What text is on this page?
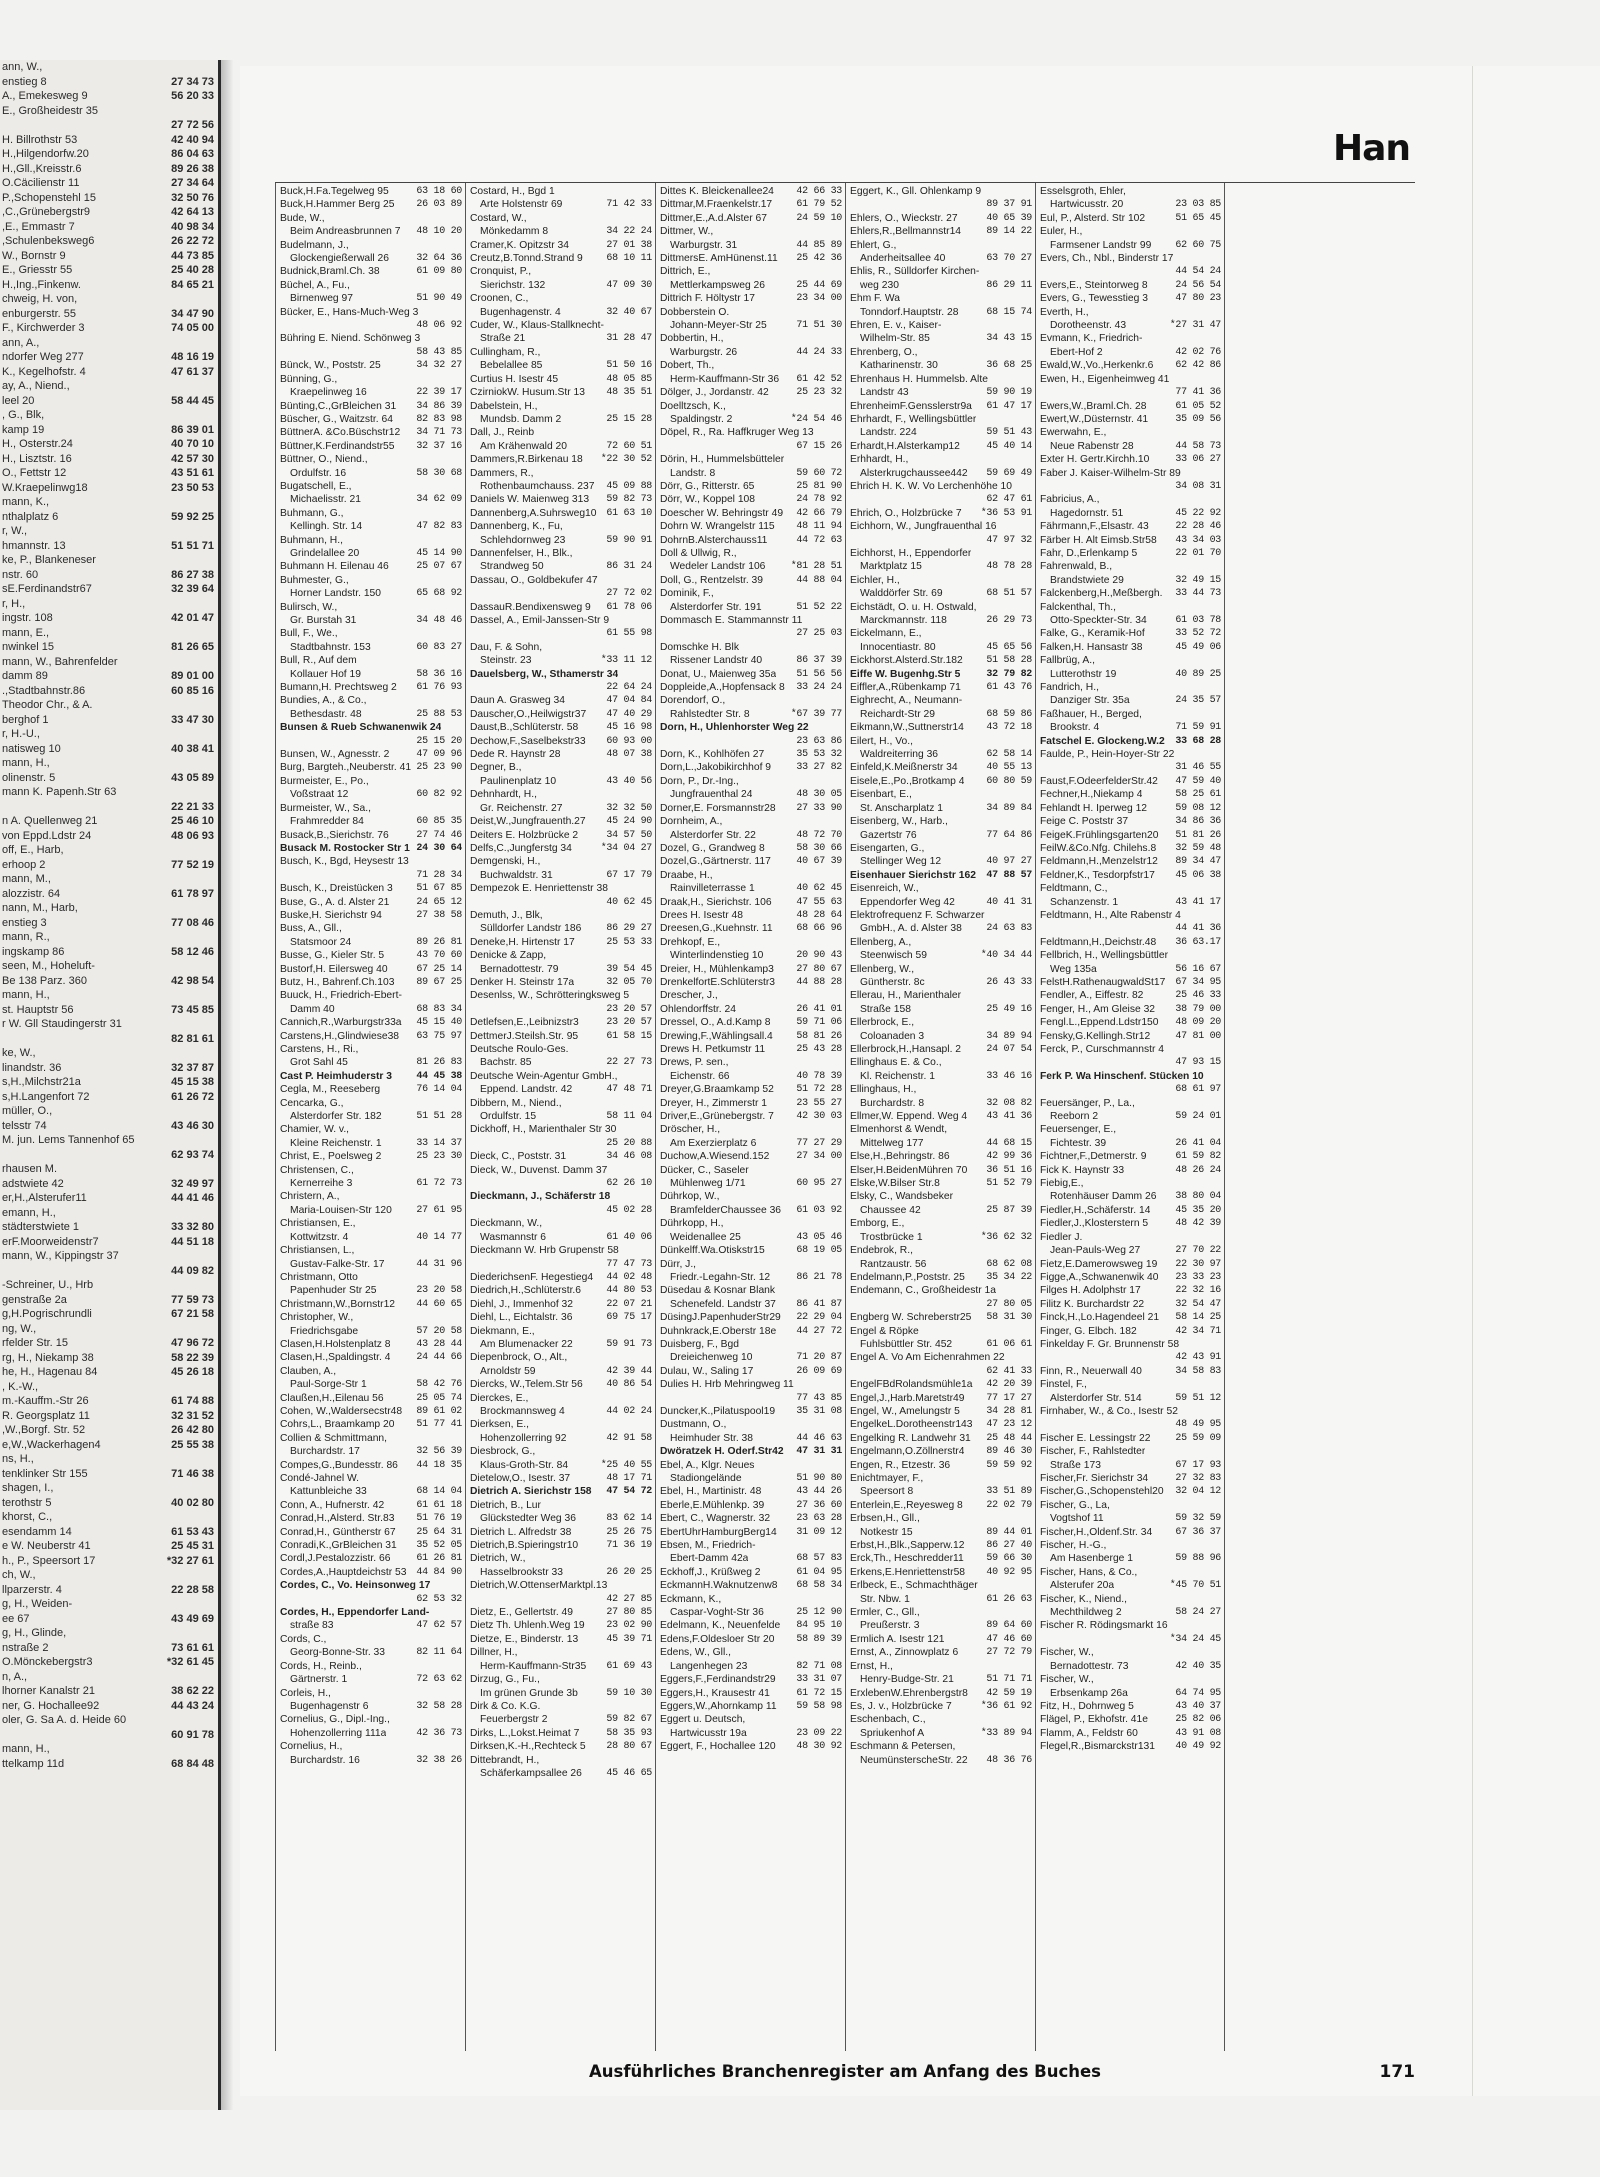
ann, W.,
enstieg 8	27 34 73
A., Emekesweg 9	56 20 33
E., Großheidestr 35
27 72 56
H. Billrothstr 53	42 40 94
H.,Hilgendorfw.20	86 04 63
H.,Gll.,Kreisstr.6	89 26 38
O.Cäcilienstr 11	27 34 64
P.,Schopenstehl 15	32 50 76
,C.,Grünebergstr9	42 64 13
,E., Emmastr 7	40 98 34
,Schulenbeksweg6	26 22 72
W., Bornstr 9	44 73 85
E., Griesstr 55	25 40 28
H.,Ing.,Finkenw.	84 65 21
chweig, H. von,
enburgerstr. 55	34 47 90
F., Kirchwerder 3	74 05 00
ann, A.,
ndorfer Weg 277	48 16 19
K., Kegelhofstr. 4	47 61 37
ay, A., Niend.,
leel 20	58 44 45
, G., Blk,
kamp 19	86 39 01
H., Osterstr.24	40 70 10
H., Lisztstr. 16	42 57 30
O., Fettstr 12	43 51 61
W.Kraepelinwg18	23 50 53
mann, K.,
nthalplatz 6	59 92 25
r, W.,
hmannstr. 13	51 51 71
ke, P., Blankeneser
nstr. 60	86 27 38
sE.Ferdinandstr67	32 39 64
r, H.,
ingstr. 108	42 01 47
mann, E.,
nwinkel 15	81 26 65
mann, W., Bahrenfelder
damm 89	89 01 00
.,Stadtbahnstr.86	60 85 16
Theodor Chr., & A.
berghof 1	33 47 30
r, H.-U.,
natisweg 10	40 38 41
mann, H.,
olinenstr. 5	43 05 89
mann K. Papenh.Str 63
22 21 33
n A. Quellenweg 21	25 46 10
von Eppd.Ldstr 24	48 06 93
off, E., Harb,
erhoop 2	77 52 19
mann, M.,
alozzistr. 64	61 78 97
nann, M., Harb,
enstieg 3	77 08 46
mann, R.,
ingskamp 86	58 12 46
seen, M., Hoheluft-
Be 138 Parz. 360	42 98 54
mann, H.,
st. Hauptstr 56	73 45 85
r W. Gll Staudingerstr 31
82 81 61
ke, W.,
linandstr. 36	32 37 87
s,H.,Milchstr21a	45 15 38
s,H.Langenfort 72	61 26 72
müller, O.,
telsstr 74	43 46 30
M. jun. Lems Tannenhof 65
62 93 74
rhausen M.
adstwiete 42	32 49 97
er,H.,Alsterufer11	44 41 46
emann, H.,
städterstwiete 1	33 32 80
erF.Moorweidenstr7	44 51 18
mann, W., Kippingstr 37
44 09 82
-Schreiner, U., Hrb
genstraße 2a	77 59 73
g,H.Pogrischrundli	67 21 58
ng, W.,
rfelder Str. 15	47 96 72
rg, H., Niekamp 38	58 22 39
he, H., Hagenau 84	45 26 18
, K.-W.,
m.-Kauffm.-Str 26	61 74 88
R. Georgsplatz 11	32 31 52
,W.,Borgf. Str. 52	26 42 80
e,W.,Wackerhagen4	25 55 38
ns, H.,
tenklinker Str 155	71 46 38
shagen, I.,
terothstr 5	40 02 80
khorst, C.,
esendamm 14	61 53 43
e W. Neuberstr 41	25 45 31
h., P., Speersort 17	*32 27 61
ch, W.,
llparzerstr. 4	22 28 58
g, H., Weiden-
ee 67	43 49 69
g, H., Glinde,
nstraße 2	73 61 61
O.Mönckebergstr3	*32 61 45
n, A.,
lhorner Kanalstr 21	38 62 22
ner, G. Hochallee92	44 43 24
oler, G. Sa A. d. Heide 60
60 91 78
mann, H.,
ttelkamp 11d	68 84 48
Han
Buck,H.Fa.Tegelweg 95	63 18 60
Buck,H.Hammer Berg 25	26 03 89
Bude, W.,
Beim Andreasbrunnen 7	48 10 20
Budelmann, J.,
Glockengießerwall 26	32 64 36
Budnick,Braml.Ch. 38	61 09 80
Büchel, A., Fu.,
Birnenweg 97	51 90 49
Bücker, E., Hans-Much-Weg 3
48 06 92
Bühring E. Niend. Schönweg 3
58 43 85
Bünck, W., Poststr. 25	34 32 27
Bünning, G.,
Kraepelinweg 16	22 39 17
Bünting,C.,GrBleichen 31	34 86 39
Büscher, G., Waitzstr. 64	82 83 98
BüttnerA. &Co.Büschstr12	34 71 73
Büttner,K.Ferdinandstr55	32 37 16
Büttner, O., Niend.,
Ordulfstr. 16	58 30 68
Bugatschell, E.,
Michaelisstr. 21	34 62 09
Buhmann, G.,
Kellingh. Str. 14	47 82 83
Buhmann, H.,
Grindelallee 20	45 14 90
Buhmann H. Eilenau 46	25 07 67
Buhmester, G.,
Horner Landstr. 150	65 68 92
Bulirsch, W.,
Gr. Burstah 31	34 48 46
Bull, F., We.,
Stadtbahnstr. 153	60 83 27
Bull, R., Auf dem
Kollauer Hof 19	58 36 16
Bumann,H. Prechtsweg 2	61 76 93
Bundies, A., & Co.,
Bethesdastr. 48	25 88 53
Bunsen & Rueb Schwanenwik 24
25 15 20
Bunsen, W., Agnesstr. 2	47 09 96
Burg, Bargteh.,Neuberstr. 41 25 23 90
Burmeister, E., Po.,
Voßstraat 12	60 82 92
Burmeister, W., Sa.,
Frahmredder 84	60 85 35
Busack,B.,Sierichstr. 76	27 74 46
Busack M. Rostocker Str 1 24 30 64
Busch, K., Bgd, Heysestr 13
71 28 34
Busch, K., Dreistücken 3	51 67 85
Buse, G., A. d. Alster 21	24 65 12
Buske,H. Sierichstr 94	27 38 58
Buss, A., Gll.,
Statsmoor 24	89 26 81
Busse, G., Kieler Str. 5	43 70 60
Bustorf,H. Eilersweg 40	67 25 14
Butz, H., Bahrenf.Ch.103	89 67 25
Buuck, H., Friedrich-Ebert-
Damm 40	68 83 34
Cannich,R.,Warburgstr33a	45 15 40
Carstens,H.,Glindwiese38	63 75 97
Carstens, H., Ri.,
Grot Sahl 45	81 26 83
Cast P. Heimhuderstr 3	44 45 38
Cegla, M., Reeseberg	76 14 04
Cencarka, G.,
Alsterdorfer Str. 182	51 51 28
Chamier, W. v.,
Kleine Reichenstr. 1	33 14 37
Christ, E., Poelsweg 2	25 23 30
Christensen, C.,
Kernerreihe 3	61 72 73
Christern, A.,
Maria-Louisen-Str 120	27 61 95
Christiansen, E.,
Kottwitzstr. 4	40 14 77
Christiansen, L.,
Gustav-Falke-Str. 17	44 31 96
Christmann, Otto
Papenhuder Str 25	23 20 58
Christmann,W.,Bornstr12	44 60 65
Christopher, W.,
Friedrichsgabe	57 20 58
Clasen,H.Holstenplatz 8	43 28 44
Clasen,H.,Spaldingstr. 4	24 44 66
Clauben, A.,
Paul-Sorge-Str 1	58 42 76
Claußen,H.,Eilenau 56	25 05 74
Cohen, W.,Waldersecstr48	89 61 02
Cohrs,L., Braamkamp 20	51 77 41
Collien & Schmittmann,
Burchardstr. 17	32 56 39
Compes,G.,Bundesstr. 86	44 18 35
Condé-Jahnel W.
Kattunbleiche 33	68 14 04
Conn, A., Hufnerstr. 42	61 61 18
Conrad,H.,Alsterd. Str.83	51 76 19
Conrad,H., Güntherstr 67	25 64 31
Conradi,K.,GrBleichen 31	35 52 05
Cordl,J.Pestalozzistr. 66	61 26 81
Cordes,A.,Hauptdeichstr 53 44 84 90
Cordes, C., Vo. Heinsonweg 17
62 53 32
Cordes, H., Eppendorfer Land-
straße 83	47 62 57
Cords, C.,
Georg-Bonne-Str. 33	82 11 64
Cords, H., Reinb.,
Gärtnerstr. 1	72 63 62
Corleis, H.,
Bugenhagenstr 6	32 58 28
Cornelius, G., Dipl.-Ing.,
Hohenzollerring 111a	42 36 73
Cornelius, H.,
Burchardstr. 16	32 38 26
Costard, H., Bgd 1
Arte Holstenstr 69	71 42 33
Costard, W.,
Mönkedamm 8	34 22 24
Cramer,K. Opitzstr 34	27 01 38
Creutz,B.Tonnd.Strand 9	68 10 11
Cronquist, P.,
Sierichstr. 132	47 09 30
Croonen, C.,
Bugenhagenstr. 4	32 40 67
Cuder, W., Klaus-Stallknecht-
Straße 21	31 28 47
Cullingham, R.,
Bebelallee 85	51 50 16
Curtius H. Isestr 45	48 05 85
CzirniokW. Husum.Str 13	48 35 51
Dabelstein, H.,
Mundsb. Damm 2	25 15 28
Dall, J., Reinb
Am Krähenwald 20	72 60 51
Dammers,R.Birkenau 18	*22 30 52
Dammers, R.,
Rothenbaumchauss. 237	45 09 88
Daniels W. Maienweg 313	59 82 73
Dannenberg,A.Suhrsweg10 61 63 10
Dannenberg, K., Fu,
Schlehdornweg 23	59 90 91
Dannenfelser, H., Blk.,
Strandweg 50	86 31 24
Dassau, O., Goldbekufer 47
27 72 02
DassauR.Bendixensweg 9	61 78 06
Dassel, A., Emil-Janssen-Str 9
61 55 98
Dau, F. & Sohn,
Steinstr. 23	*33 11 12
Dauelsberg, W., Sthamerstr 34
22 64 24
Daun A. Grasweg 34	47 04 84
Dauscher,O.,Heilwigstr37	47 40 29
Daust,B.,Schlüterstr. 58	45 16 98
Dechow,F.,Saselbekstr33	60 93 00
Dede R. Haynstr 28	48 07 38
Degner, B.,
Paulinenplatz 10	43 40 56
Dehnhardt, H.,
Gr. Reichenstr. 27	32 32 50
Deist,W.,Jungfrauenth.27	45 24 90
Deiters E. Holzbrücke 2	34 57 50
Delfs,C.,Jungferstg 34	*34 04 27
Demgenski, H.,
Buchwaldstr. 31	67 17 79
Dempezok E. Henriettenstr 38
40 62 45
Demuth, J., Blk,
Sülldorfer Landstr 186	86 29 27
Deneke,H. Hirtenstr 17	25 53 33
Denicke & Zapp,
Bernadottestr. 79	39 54 45
Denker H. Steinstr 17a	32 05 70
Desenlss, W., Schrötteringksweg 5
23 20 57
Detlefsen,E.,Leibnizstr3	23 20 57
DettmerJ.Steilsh.Str. 95	61 58 15
Deutsche Roulo-Ges.
Bachstr. 85	22 27 73
Deutsche Wein-Agentur GmbH.,
Eppend. Landstr. 42	47 48 71
Dibbern, M., Niend.,
Ordulfstr. 15	58 11 04
Dickhoff, H., Marienthaler Str 30
25 20 88
Dieck, C., Poststr. 31	34 46 08
Dieck, W., Duvenst. Damm 37
62 26 10
Dieckmann, J., Schäferstr 18
45 02 28
Dieckmann, W.,
Wasmannstr 6	61 40 06
Dieckmann W. Hrb Grupenstr 58
77 47 73
DiederichsenF. Hegestieg4	44 02 48
Diedrich,H.,Schlüterstr.6	44 80 53
Diehl, J., Immenhof 32	22 07 21
Diehl, L., Eichtalstr. 36	69 75 17
Diekmann, E.,
Am Blumenacker 22	59 91 73
Diepenbrock, O., Alt.,
Arnoldstr 59	42 39 44
Diercks, W.,Telem.Str 56	40 86 54
Dierckes, E.,
Brockmannsweg 4	44 02 24
Dierksen, E.,
Hohenzollerring 92	42 91 58
Diesbrock, G.,
Klaus-Groth-Str. 84	*25 40 55
Dietelow,O., Isestr. 37	48 17 71
Dietrich A. Sierichstr 158	47 54 72
Dietrich, B., Lur
Glückstedter Weg 36	83 62 14
Dietrich L. Alfredstr 38	25 26 75
Dietrich,B.Spieringstr10	71 36 19
Dietrich, W.,
Hasselbrookstr 33	26 20 25
Dietrich,W.OttenserMarktpl.13
42 27 85
Dietz, E., Gellertstr. 49	27 80 85
Dietz Th. Uhlenh.Weg 19	23 02 90
Dietze, E., Binderstr. 13	45 39 71
Dillner, H.,
Herm-Kauffmann-Str35	61 69 43
Dirzug, G., Fu.,
Im grünen Grunde 3b	59 10 30
Dirk & Co. K.G.
Feuerbergstr 2	59 82 67
Dirks, L.,Lokst.Heimat 7	58 35 93
Dirksen,K.-H.,Rechteck 5	28 80 67
Dittebrandt, H.,
Schäferkampsallee 26	45 46 65
Dittes K. Bleickenallee24	42 66 33
Dittmar,M.Fraenkelstr.17	61 79 52
Dittmer,E.,A.d.Alster 67	24 59 10
Dittmer, W.,
Warburgstr. 31	44 85 89
DittmersE. AmHünenst.11	25 42 36
Dittrich, E.,
Mettlerkampsweg 26	25 44 69
Dittrich F. Höltystr 17	23 34 00
Dobberstein O.
Johann-Meyer-Str 25	71 51 30
Dobbertin, H.,
Warburgstr. 26	44 24 33
Dobert, Th.,
Herm-Kauffmann-Str 36	61 42 52
Dölger, J., Jordanstr. 42	25 23 32
Doelltzsch, K.,
Spaldingstr. 2	*24 54 46
Döpel, R., Ra. Haffkruger Weg 13
67 15 26
Dörin, H., Hummelsbütteler
Landstr. 8	59 60 72
Dörr, G., Ritterstr. 65	25 81 90
Dörr, W., Koppel 108	24 78 92
Doescher W. Behringstr 49	42 66 79
Dohrn W. Wrangelstr 115	48 11 94
DohrnB.Alsterchauss11	44 72 63
Doll & Ullwig, R.,
Wedeler Landstr 106	*81 28 51
Doll, G., Rentzelstr. 39	44 88 04
Dominik, F.,
Alsterdorfer Str. 191	51 52 22
Dommasch E. Stammannstr 11
27 25 03
Domschke H. Blk
Rissener Landstr 40	86 37 39
Donat, U., Maienweg 35a	51 56 56
Doppleide,A.,Hopfensack 8	33 24 24
Dorendorf, O.,
Rahlstedter Str. 8	*67 39 77
Dorn, H., Uhlenhorster Weg 22
23 63 86
Dorn, K., Kohlhöfen 27	35 53 32
Dorn,L.,Jakobikirchhof 9	33 27 82
Dorn, P., Dr.-Ing.,
Jungfrauenthal 24	48 30 05
Dorner,E. Forsmannstr28	27 33 90
Dornheim, A.,
Alsterdorfer Str. 22	48 72 70
Dozel, G., Grandweg 8	58 30 66
Dozel,G.,Gärtnerstr. 117	40 67 39
Draabe, H.,
Rainvilleterrasse 1	40 62 45
Draak,H., Sierichstr. 106	47 55 63
Drees H. Isestr 48	48 28 64
Dreesen,G.,Kuehnstr. 11	68 66 96
Drehkopf, E.,
Winterlindenstieg 10	20 90 43
Dreier, H., Mühlenkamp3	27 80 67
DrenkelfortE.Schlüterstr3	44 88 28
Drescher, J.,
Ohlendorffstr. 24	26 41 01
Dressel, O., A.d.Kamp 8	59 71 06
Drewing,F.,Wählingsall.4	58 81 26
Drews H. Petkumstr 11	25 43 28
Drews, P. sen.,
Eichenstr. 66	40 78 39
Dreyer,G.Braamkamp 52	51 72 28
Dreyer, H., Zimmerstr 1	23 55 27
Driver,E.,Grünebergstr. 7	42 30 03
Dröscher, H.,
Am Exerzierplatz 6	77 27 29
Duchow,A.Wiesend.152	27 34 00
Dücker, C., Saseler
Mühlenweg 1/71	60 95 27
Dührkop, W.,
BramfelderChaussee 36	61 03 92
Dührkopp, H.,
Weidenallee 25	43 05 46
Dünkelff.Wa.Otiskstr15	68 19 05
Dürr, J.,
Friedr.-Legahn-Str. 12	86 21 78
Düsedau & Kosnar Blank
Schenefeld. Landstr 37	86 41 87
DüsingJ.PapenhuderStr29	22 29 04
Duhnkrack,E.Oberstr 18e	44 27 72
Duisberg, F., Bgd
Dreieichenweg 10	71 20 87
Dulau, W., Saling 17	26 09 69
Dulies H. Hrb Mehringweg 11
77 43 85
Duncker,K.,Pilatuspool19	35 31 08
Dustmann, O.,
Heimhuder Str. 38	44 46 63
Dwöratzek H. Oderf.Str42	47 31 31
Ebel, A., Klgr. Neues
Stadiongelände	51 90 80
Ebel, H., Martinistr. 48	43 44 26
Eberle,E.Mühlenkp. 39	27 36 60
Ebert, C., Wagnerstr. 32	23 63 28
EbertUhrHamburgBerg14	31 09 12
Ebsen, M., Friedrich-
Ebert-Damm 42a	68 57 83
Eckhoff,J., Krüßweg 2	61 04 95
EckmannH.Waknutzenw8	68 58 34
Eckmann, K.,
Caspar-Voght-Str 36	25 12 90
Edelmann, K., Neuenfelde	84 95 10
Edens,F.Oldesloer Str 20	58 89 39
Edens, W., Gll.,
Langenhegen 23	82 71 08
Eggers,F.,Ferdinandstr29	33 31 07
Eggers,H., Krausestr 41	61 72 15
Eggers,W.,Ahornkamp 11	59 58 98
Eggert u. Deutsch,
Hartwicusstr 19a	23 09 22
Eggert, F., Hochallee 120	48 30 92
Eggert, K., Gll. Ohlenkamp 9
89 37 91
Ehlers, O., Wieckstr. 27	40 65 39
Ehlers,R.,Bellmannstr14	89 14 22
Ehlert, G.,
Anderheitsallee 40	63 70 27
Ehlis, R., Sülldorfer Kirchen-
weg 230	86 29 11
Ehm F. Wa
Tonndorf.Hauptstr. 28	68 15 74
Ehren, E. v., Kaiser-
Wilhelm-Str. 85	34 43 15
Ehrenberg, O.,
Katharinenstr. 30	36 68 25
Ehrenhaus H. Hummelsb. Alte
Landstr 43	59 90 19
EhrenheimF.Gensslerstr9a	61 47 17
Ehrhardt, F., Wellingsbüttler
Landstr. 224	59 51 43
Erhardt,H.Alsterkamp12	45 40 14
Erhhardt, H.,
Alsterkrugchaussee442	59 69 49
Ehrich H. K. W. Vo Lerchenhöhe 10
62 47 61
Ehrich, O., Holzbrücke 7	*36 53 91
Eichhorn, W., Jungfrauenthal 16
47 97 32
Eichhorst, H., Eppendorfer
Marktplatz 15	48 78 28
Eichler, H.,
Walddörfer Str. 69	68 51 57
Eichstädt, O. u. H. Ostwald,
Marckmannstr. 118	26 29 73
Eickelmann, E.,
Innocentiastr. 80	45 65 56
Eickhorst.Alsterd.Str.182	51 58 28
Eiffe W. Bugenhg.Str 5	32 79 82
Eiffler,A.,Rübenkamp 71	61 43 76
Eighrecht, A., Neumann-
Reichardt-Str 29	68 59 86
Eikmann,W.,Suttnerstr14	43 72 18
Eilert, H., Vo.,
Waldreiterring 36	62 58 14
Einfeld,K.Meißnerstr 34	40 55 13
Eisele,E.,Po.,Brotkamp 4	60 80 59
Eisenbart, E.,
St. Anscharplatz 1	34 89 84
Eisenberg, W., Harb.,
Gazertstr 76	77 64 86
Eisengarten, G.,
Stellinger Weg 12	40 97 27
Eisenhauer Sierichstr 162	47 88 57
Eisenreich, W.,
Eppendorfer Weg 42	40 41 31
Elektrofrequenz F. Schwarzer
GmbH., A. d. Alster 38	24 63 83
Ellenberg, A.,
Steenwisch 59	*40 34 44
Ellenberg, W.,
Güntherstr. 8c	26 43 33
Ellerau, H., Marienthaler
Straße 158	25 49 16
Ellerbrock, E.,
Coloanaden 3	34 89 94
Ellerbrock,H.,Hansapl. 2	24 07 54
Ellinghaus E. & Co.,
Kl. Reichenstr. 1	33 46 16
Ellinghaus, H.,
Burchardstr. 8	32 08 82
Ellmer,W. Eppend. Weg 4	43 41 36
Elmenhorst & Wendt,
Mittelweg 177	44 68 15
Else,H.,Behringstr. 86	42 99 36
Elser,H.BeidenMühren 70	36 51 16
Elske,W.Bilser Str.8	51 52 79
Elsky, C., Wandsbeker
Chaussee 42	25 87 39
Emborg, E.,
Trostbrücke 1	*36 62 32
Endebrok, R.,
Rantzaustr. 56	68 62 08
Endelmann,P.,Poststr. 25	35 34 22
Endemann, C., Großheidestr 1a
27 80 05
Engberg W. Schreberstr25	58 31 30
Engel & Röpke
Fuhlsbüttler Str. 452	61 06 61
Engel A. Vo Am Eichenrahmen 22
62 41 33
EngelFBdRolandsmühle1a	42 20 39
Engel,J.,Harb.Maretstr49	77 17 27
Engel, W., Amelungstr 5	34 28 81
EngelkeL.Dorotheenstr143	47 23 12
Engelking R. Landwehr 31	25 48 44
Engelmann,O.Zöllnerstr4	89 46 30
Engen, R., Etzestr. 36	59 59 92
Enichtmayer, F.,
Speersort 8	33 51 89
Enterlein,E.,Reyesweg 8	22 02 79
Erbsen,H., Gll.,
Notkestr 15	89 44 01
Erbst,H.,Blk.,Sapperw.12	86 27 40
Erck,Th., Heschredder11	59 66 30
Erkens,E.Henriettenstr58	40 92 95
Erlbeck, E., Schmachthäger
Str. Nbw. 1	61 26 63
Ermler, C., Gll.,
Preußerstr. 3	89 64 60
Ermlich A. Isestr 121	47 46 60
Ernst, A., Zinnowplatz 6	27 72 79
Ernst, H.,
Henry-Budge-Str. 21	51 71 71
ErxlebenW.Ehrenbergstr8	42 59 19
Es, J. v., Holzbrücke 7	*36 61 92
Eschenbach, C.,
Spriukenhof A	*33 89 94
Eschmann & Petersen,
NeumünsterscheStr. 22	48 36 76
Esselsgroth, Ehler,
Hartwicusstr. 20	23 03 85
Eul, P., Alsterd. Str 102	51 65 45
Euler, H.,
Farmsener Landstr 99	62 60 75
Evers, Ch., Nbl., Binderstr 17
44 54 24
Evers,E., Steintorweg 8	24 56 54
Evers, G., Tewesstieg 3	47 80 23
Everth, H.,
Dorotheenstr. 43	*27 31 47
Evmann, K., Friedrich-
Ebert-Hof 2	42 02 76
Ewald,W.,Vo.,Herkenkr.6	62 42 86
Ewen, H., Eigenheimweg 41
77 41 36
Ewers,W.,Braml.Ch. 28	61 05 52
Ewert,W.,Düsternstr. 41	35 09 56
Ewerwahn, E.,
Neue Rabenstr 28	44 58 73
Exter H. Gertr.Kirchh.10	33 06 27
Faber J. Kaiser-Wilhelm-Str 89
34 08 31
Fabricius, A.,
Hagedornstr. 51	45 22 92
Fährmann,F.,Elsastr. 43	22 28 46
Färber H. Alt Eimsb.Str58	43 34 03
Fahr, D.,Erlenkamp 5	22 01 70
Fahrenwald, B.,
Brandstwiete 29	32 49 15
Falckenberg,H.,Meßbergh.	33 44 73
Falckenthal, Th.,
Otto-Speckter-Str. 34	61 03 78
Falke, G., Keramik-Hof	33 52 72
Falken,H. Hansastr 38	45 49 06
Fallbrüg, A.,
Lutterothstr 19	40 89 25
Fandrich, H.,
Danziger Str. 35a	24 35 57
Faßhauer, H., Berged,
Brookstr. 4	71 59 91
Fatschel E. Glockeng.W.2	33 68 28
Faulde, P., Hein-Hoyer-Str 22
31 46 55
Faust,F.OdeerfelderStr.42	47 59 40
Fechner,H.,Niekamp 4	58 25 61
Fehlandt H. Iperweg 12	59 08 12
Feige C. Poststr 37	34 86 36
FeigeK.Frühlingsgarten20	51 81 26
FeilW.&Co.Nfg. Chilehs.8	32 59 48
Feldmann,H.,Menzelstr12	89 34 47
Feldner,K., Tesdorpfstr17	45 06 38
Feldtmann, C.,
Schanzenstr. 1	43 41 17
Feldtmann, H., Alte Rabenstr 4
44 41 36
Feldtmann,H.,Deichstr.48	36 63.17
Fellbrich, H., Wellingsbüttler
Weg 135a	56 16 67
FelstH.RathenaugwaldSt17	67 34 95
Fendler, A., Eiffestr. 82	25 46 33
Fenger, H., Am Gleise 32	38 79 00
Fengl.L.,Eppend.Ldstr150	48 09 20
Fensky,G.Kellingh.Str12	47 81 00
Ferck, P., Curschmannstr 4
47 93 15
Ferk P. Wa Hinschenf. Stücken 10
68 61 97
Feuersänger, P., La.,
Reeborn 2	59 24 01
Feuersenger, E.,
Fichtestr. 39	26 41 04
Fichtner,F.,Detmerstr. 9	61 59 82
Fick K. Haynstr 33	48 26 24
Fiebig,E.,
Rotenhäuser Damm 26	38 80 04
Fiedler,H.,Schäferstr. 14	45 35 20
Fiedler,J.,Klosterstern 5	48 42 39
Fiedler J.
Jean-Pauls-Weg 27	27 70 22
Fietz,E.Damerowsweg 19	22 30 97
Figge,A.,Schwanenwik 40	23 33 23
Filges H. Adolphstr 17	22 32 16
Filitz K. Burchardstr 22	32 54 47
Finck,H.,Lo.Hagendeel 21	58 14 25
Finger, G. Elbch. 182	42 34 71
Finkelday F. Gr. Brunnenstr 58
42 43 91
Finn, R., Neuerwall 40	34 58 83
Finstel, F.,
Alsterdorfer Str. 514	59 51 12
Firnhaber, W., & Co., Isestr 52
48 49 95
Fischer E. Lessingstr 22	25 59 09
Fischer, F., Rahlstedter
Straße 173	67 17 93
Fischer,Fr. Sierichstr 34	27 32 83
Fischer,G.,Schopenstehl20	32 04 12
Fischer, G., La,
Vogtshof 11	59 32 59
Fischer,H.,Oldenf.Str. 34	67 36 37
Fischer, H.-G.,
Am Hasenberge 1	59 88 96
Fischer, Hans, & Co.,
Alsterufer 20a	*45 70 51
Fischer, K., Niend.,
Mechthildweg 2	58 24 27
Fischer R. Rödingsmarkt 16
*34 24 45
Fischer, W.,
Bernadottestr. 73	42 40 35
Fischer, W.,
Erbsenkamp 26a	64 74 95
Fitz, H., Dohrnweg 5	43 40 37
Flägel, P., Ekhofstr. 41e	25 82 06
Flamm, A., Feldstr 60	43 91 08
Flegel,R.,Bismarckstr131	40 49 92
Ausführliches Branchenregister am Anfang des Buches	171
